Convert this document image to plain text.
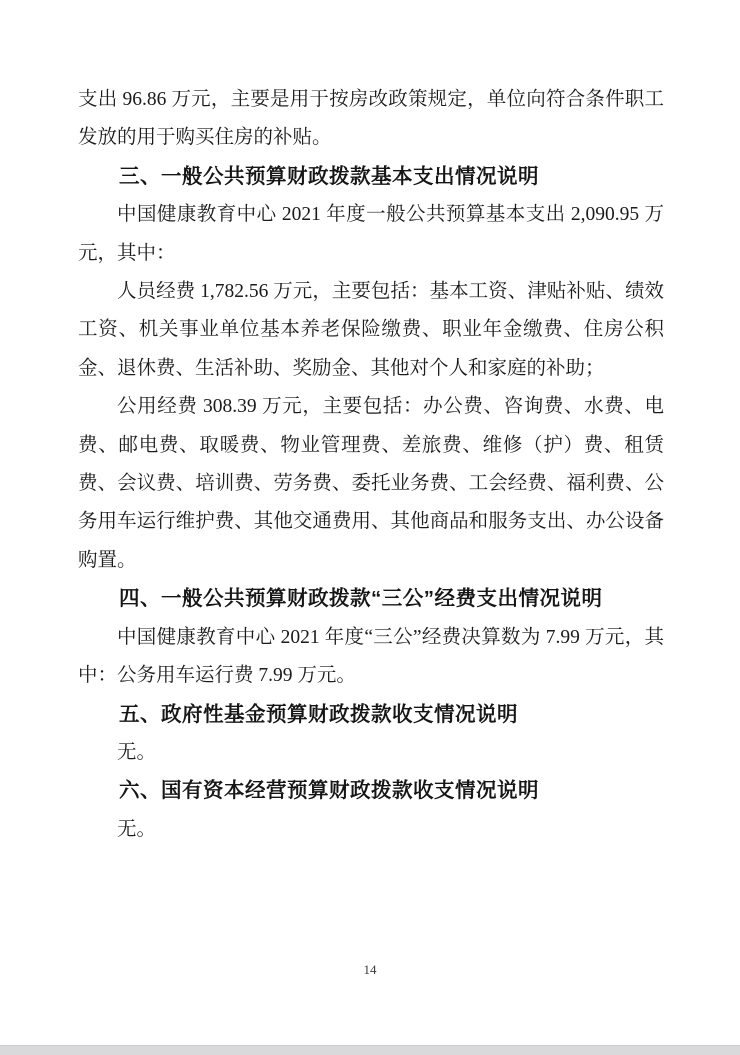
支出 96.86 万元，主要是用于按房改政策规定，单位向符合条件职工发放的用于购买住房的补贴。

三、一般公共预算财政拨款基本支出情况说明

中国健康教育中心 2021 年度一般公共预算基本支出 2,090.95 万元，其中：

人员经费 1,782.56 万元，主要包括：基本工资、津贴补贴、绩效工资、机关事业单位基本养老保险缴费、职业年金缴费、住房公积金、退休费、生活补助、奖励金、其他对个人和家庭的补助；

公用经费 308.39 万元，主要包括：办公费、咨询费、水费、电费、邮电费、取暖费、物业管理费、差旅费、维修（护）费、租赁费、会议费、培训费、劳务费、委托业务费、工会经费、福利费、公务用车运行维护费、其他交通费用、其他商品和服务支出、办公设备购置。

四、一般公共预算财政拨款“三公”经费支出情况说明

中国健康教育中心 2021 年度“三公”经费决算数为 7.99 万元，其中：公务用车运行费 7.99 万元。

五、政府性基金预算财政拨款收支情况说明

无。

六、国有资本经营预算财政拨款收支情况说明

无。

14
